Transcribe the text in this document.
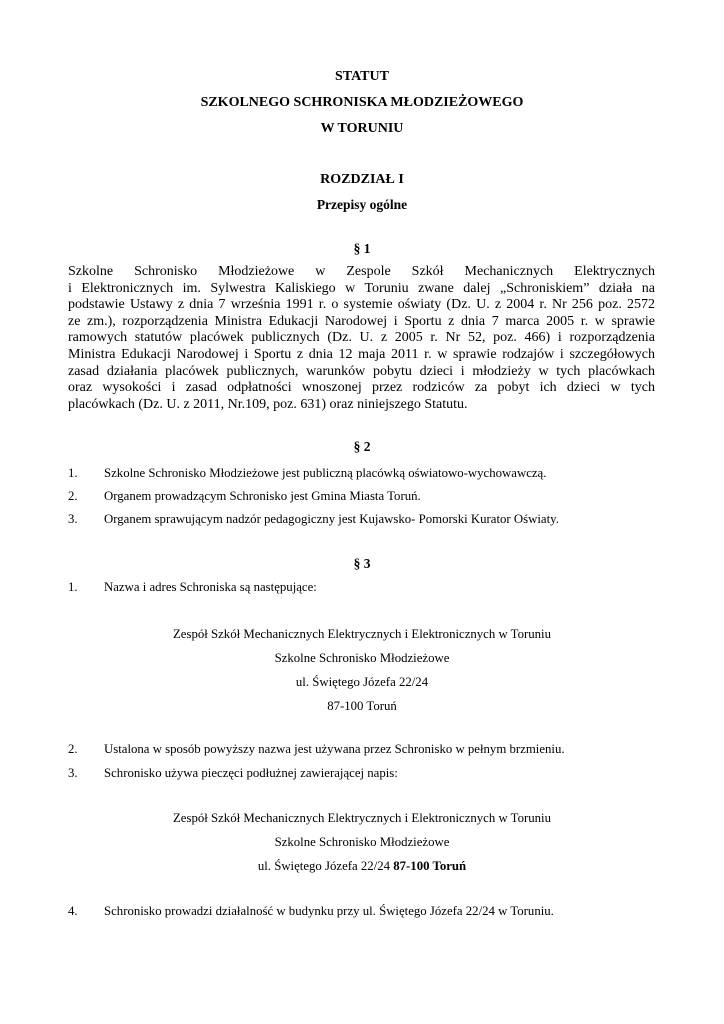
STATUT
SZKOLNEGO SCHRONISKA MŁODZIEŻOWEGO
W TORUNIU
ROZDZIAŁ I
Przepisy ogólne
§ 1
Szkolne Schronisko Młodzieżowe w Zespole Szkół Mechanicznych Elektrycznych
i Elektronicznych im. Sylwestra Kaliskiego w Toruniu zwane dalej „Schroniskiem” działa na
podstawie Ustawy z dnia 7 września 1991 r. o systemie oświaty (Dz. U. z 2004 r. Nr 256 poz. 2572
ze zm.), rozporządzenia Ministra Edukacji Narodowej i Sportu z dnia 7 marca 2005 r. w sprawie
ramowych statutów placówek publicznych (Dz. U. z 2005 r. Nr 52, poz. 466) i rozporządzenia
Ministra Edukacji Narodowej i Sportu z dnia 12 maja 2011 r. w sprawie rodzajów i szczegółowych
zasad działania placówek publicznych, warunków pobytu dzieci i młodzieży w tych placówkach
oraz wysokości i zasad odpłatności wnoszonej przez rodziców za pobyt ich dzieci w tych
placówkach (Dz. U. z 2011, Nr.109, poz. 631) oraz niniejszego Statutu.
§ 2
1. Szkolne Schronisko Młodzieżowe jest publiczną placówką oświatowo-wychowawczą.
2. Organem prowadzącym Schronisko jest Gmina Miasta Toruń.
3. Organem sprawującym nadzór pedagogiczny jest Kujawsko- Pomorski Kurator Oświaty.
§ 3
1. Nazwa i adres Schroniska są następujące:
Zespół Szkół Mechanicznych Elektrycznych i Elektronicznych w Toruniu
Szkolne Schronisko Młodzieżowe
ul. Świętego Józefa 22/24
87-100 Toruń
2. Ustalona w sposób powyższy nazwa jest używana przez Schronisko w pełnym brzmieniu.
3. Schronisko używa pieczęci podłużnej zawierającej napis:
Zespół Szkół Mechanicznych Elektrycznych i Elektronicznych w Toruniu
Szkolne Schronisko Młodzieżowe
ul. Świętego Józefa 22/24 87-100 Toruń
4. Schronisko prowadzi działalność w budynku przy ul. Świętego Józefa 22/24 w Toruniu.
